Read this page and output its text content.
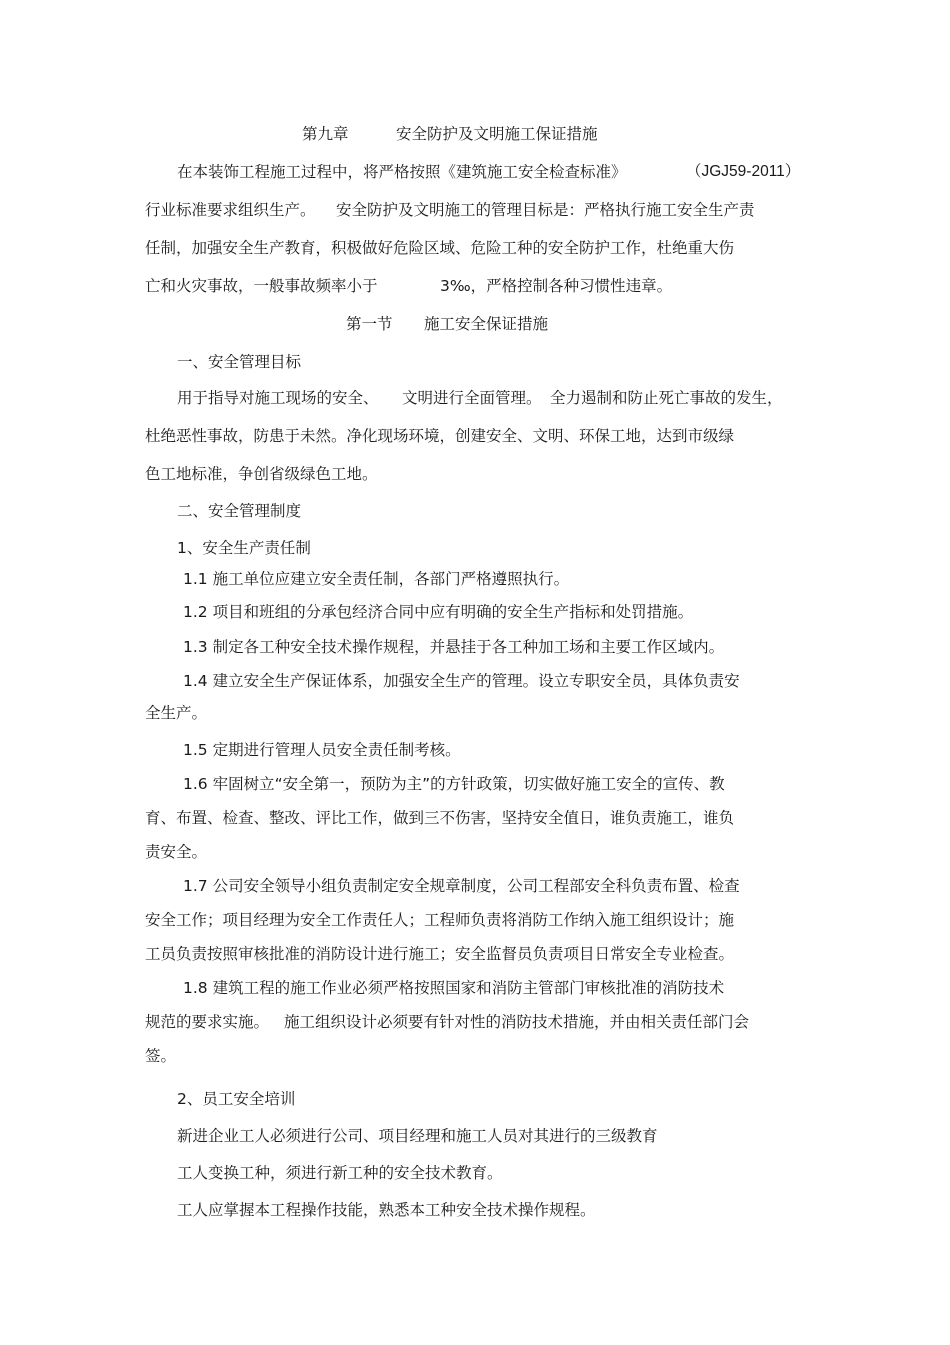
第九章	安全防护及文明施工保证措施
在本装饰工程施工过程中，将严格按照《建筑施工安全检查标准》	（JGJ59-2011）
行业标准要求组织生产。 安全防护及文明施工的管理目标是：严格执行施工安全生产责
任制，加强安全生产教育，积极做好危险区域、危险工种的安全防护工作，杜绝重大伤
亡和火灾事故，一般事故频率小于	3‰，严格控制各种习惯性违章。
第一节 施工安全保证措施
一、安全管理目标
用于指导对施工现场的安全、 文明进行全面管理。 全力遏制和防止死亡事故的发生，
杜绝恶性事故，防患于未然。净化现场环境，创建安全、文明、环保工地，达到市级绿
色工地标准，争创省级绿色工地。
二、安全管理制度
1、安全生产责任制
1.1 施工单位应建立安全责任制，各部门严格遵照执行。
1.2 项目和班组的分承包经济合同中应有明确的安全生产指标和处罚措施。
1.3 制定各工种安全技术操作规程，并悬挂于各工种加工场和主要工作区域内。
1.4 建立安全生产保证体系，加强安全生产的管理。设立专职安全员，具体负责安
全生产。
1.5 定期进行管理人员安全责任制考核。
1.6 牢固树立“安全第一，预防为主”的方针政策，切实做好施工安全的宣传、教
育、布置、检查、整改、评比工作，做到三不伤害，坚持安全值日，谁负责施工，谁负
责安全。
1.7 公司安全领导小组负责制定安全规章制度，公司工程部安全科负责布置、检查
安全工作；项目经理为安全工作责任人；工程师负责将消防工作纳入施工组织设计；施
工员负责按照审核批准的消防设计进行施工；安全监督员负责项目日常安全专业检查。
1.8 建筑工程的施工作业必须严格按照国家和消防主管部门审核批准的消防技术
规范的要求实施。 施工组织设计必须要有针对性的消防技术措施，并由相关责任部门会
签。
2、员工安全培训
新进企业工人必须进行公司、项目经理和施工人员对其进行的三级教育
工人变换工种，须进行新工种的安全技术教育。
工人应掌握本工程操作技能，熟悉本工种安全技术操作规程。
